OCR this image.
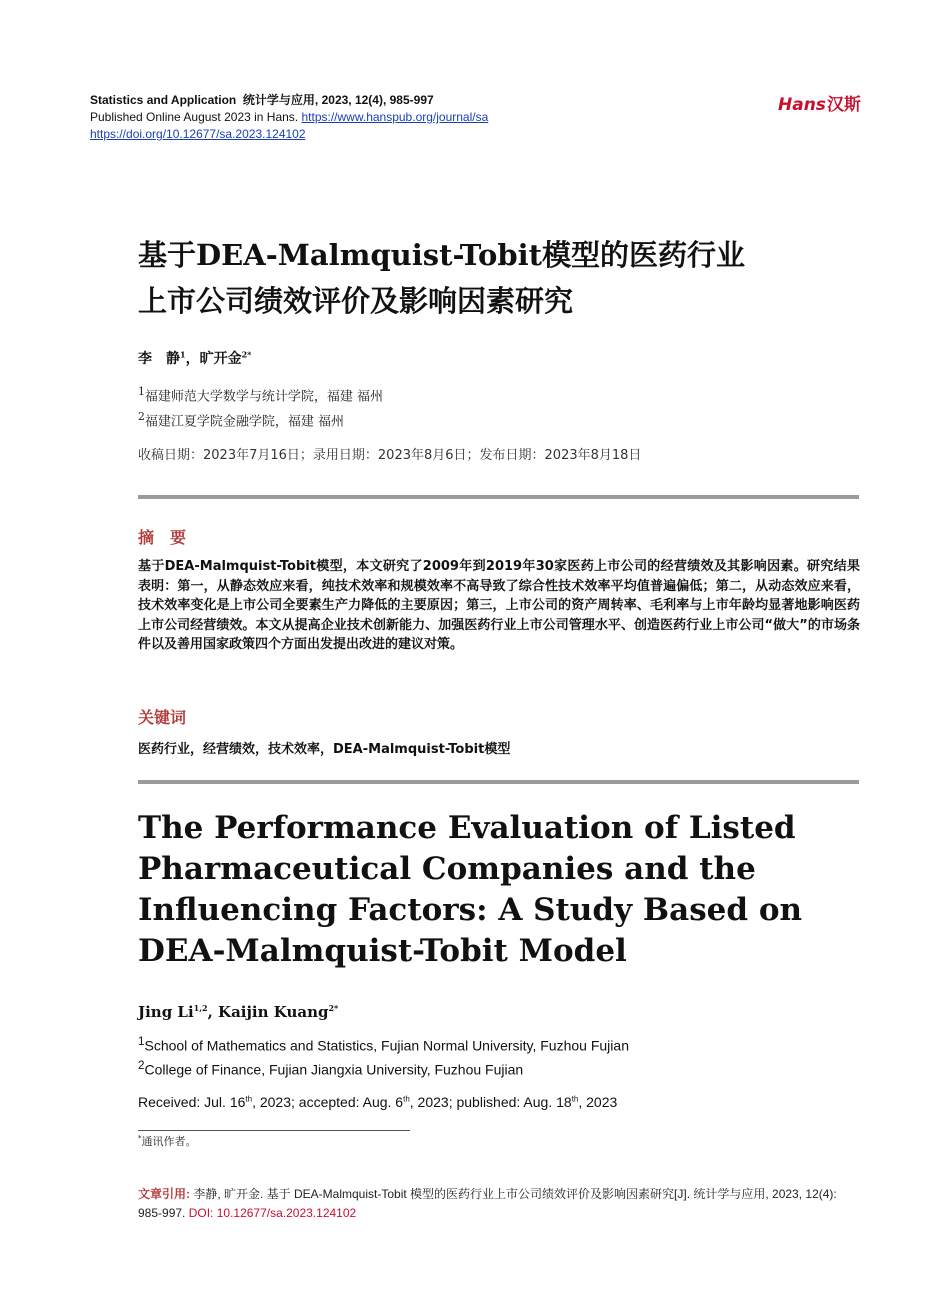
Statistics and Application 统计学与应用, 2023, 12(4), 985-997
Published Online August 2023 in Hans. https://www.hanspub.org/journal/sa
https://doi.org/10.12677/sa.2023.124102
Hans汉斯
基于DEA-Malmquist-Tobit模型的医药行业
上市公司绩效评价及影响因素研究
李　静$^1$，旷开金$^{2*}$
$^1$福建师范大学数学与统计学院，福建 福州
$^2$福建江夏学院金融学院，福建 福州
收稿日期：2023年7月16日；录用日期：2023年8月6日；发布日期：2023年8月18日
摘　要
基于DEA-Malmquist-Tobit模型，本文研究了2009年到2019年30家医药上市公司的经营绩效及其影响因素。研究结果表明：第一，从静态效应来看，纯技术效率和规模效率不高导致了综合性技术效率平均值普遍偏低；第二，从动态效应来看，技术效率变化是上市公司全要素生产力降低的主要原因；第三，上市公司的资产周转率、毛利率与上市年龄均显著地影响医药上市公司经营绩效。本文从提高企业技术创新能力、加强医药行业上市公司管理水平、创造医药行业上市公司“做大”的市场条件以及善用国家政策四个方面出发提出改进的建议对策。
关键词
医药行业，经营绩效，技术效率，DEA-Malmquist-Tobit模型
The Performance Evaluation of Listed
Pharmaceutical Companies and the
Influencing Factors: A Study Based on
DEA-Malmquist-Tobit Model
Jing Li$^{1,2}$, Kaijin Kuang$^{2*}$
$^1$School of Mathematics and Statistics, Fujian Normal University, Fuzhou Fujian
$^2$College of Finance, Fujian Jiangxia University, Fuzhou Fujian
Received: Jul. 16th, 2023; accepted: Aug. 6th, 2023; published: Aug. 18th, 2023
*通讯作者。
文章引用: 李静, 旷开金. 基于 DEA-Malmquist-Tobit 模型的医药行业上市公司绩效评价及影响因素研究[J]. 统计学与应用, 2023, 12(4): 985-997. DOI: 10.12677/sa.2023.124102
